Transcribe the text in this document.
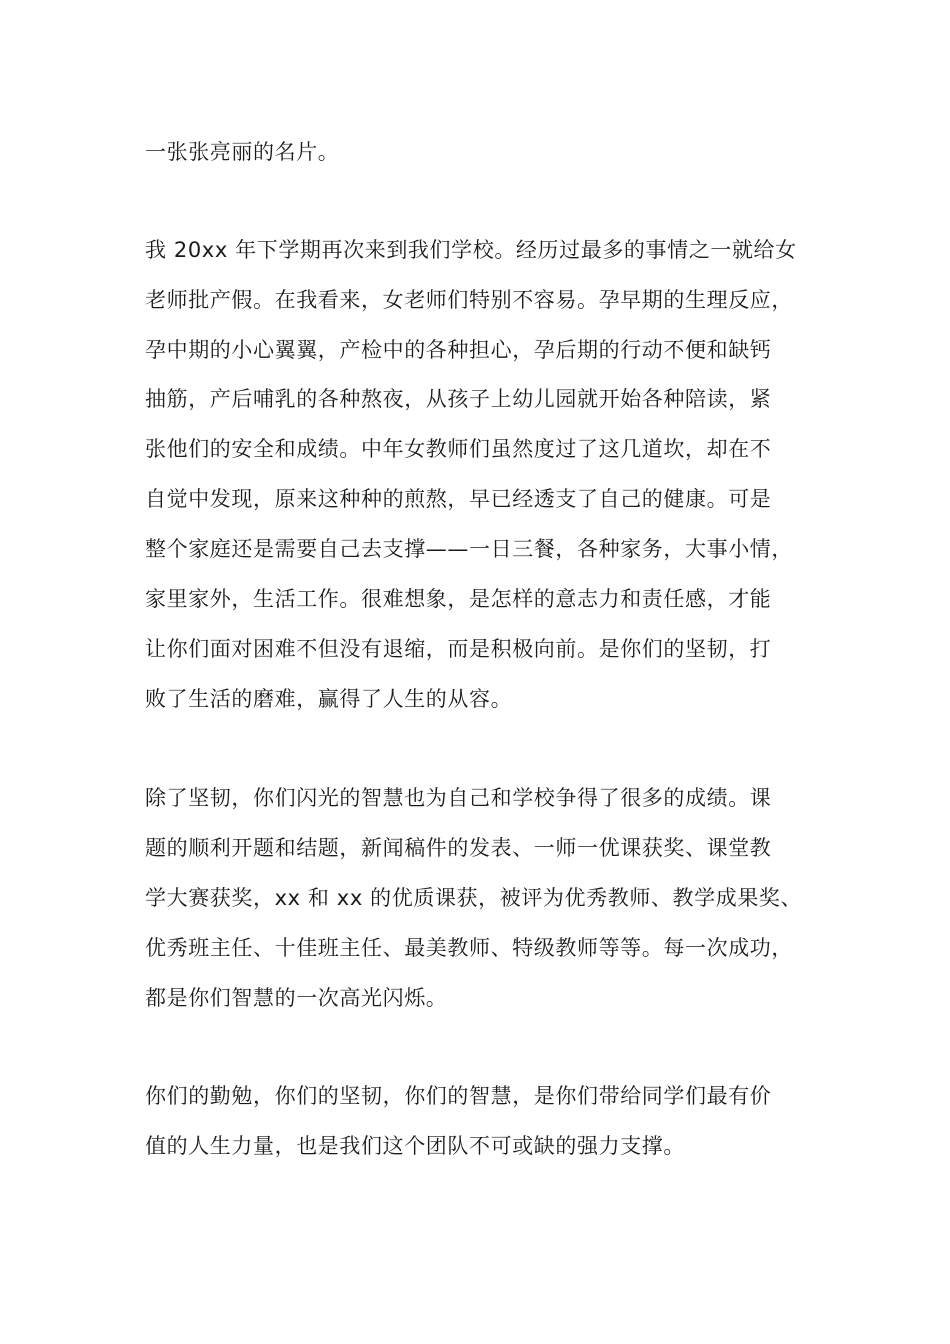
一张张亮丽的名片。
我 20xx 年下学期再次来到我们学校。经历过最多的事情之一就给女
老师批产假。在我看来，女老师们特别不容易。孕早期的生理反应，
孕中期的小心翼翼，产检中的各种担心，孕后期的行动不便和缺钙
抽筋，产后哺乳的各种熬夜，从孩子上幼儿园就开始各种陪读，紧
张他们的安全和成绩。中年女教师们虽然度过了这几道坎，却在不
自觉中发现，原来这种种的煎熬，早已经透支了自己的健康。可是
整个家庭还是需要自己去支撑——一日三餐，各种家务，大事小情，
家里家外，生活工作。很难想象，是怎样的意志力和责任感，才能
让你们面对困难不但没有退缩，而是积极向前。是你们的坚韧，打
败了生活的磨难，赢得了人生的从容。
除了坚韧，你们闪光的智慧也为自己和学校争得了很多的成绩。课
题的顺利开题和结题，新闻稿件的发表、一师一优课获奖、课堂教
学大赛获奖，xx 和 xx 的优质课获，被评为优秀教师、教学成果奖、
优秀班主任、十佳班主任、最美教师、特级教师等等。每一次成功，
都是你们智慧的一次高光闪烁。
你们的勤勉，你们的坚韧，你们的智慧，是你们带给同学们最有价
值的人生力量，也是我们这个团队不可或缺的强力支撑。
